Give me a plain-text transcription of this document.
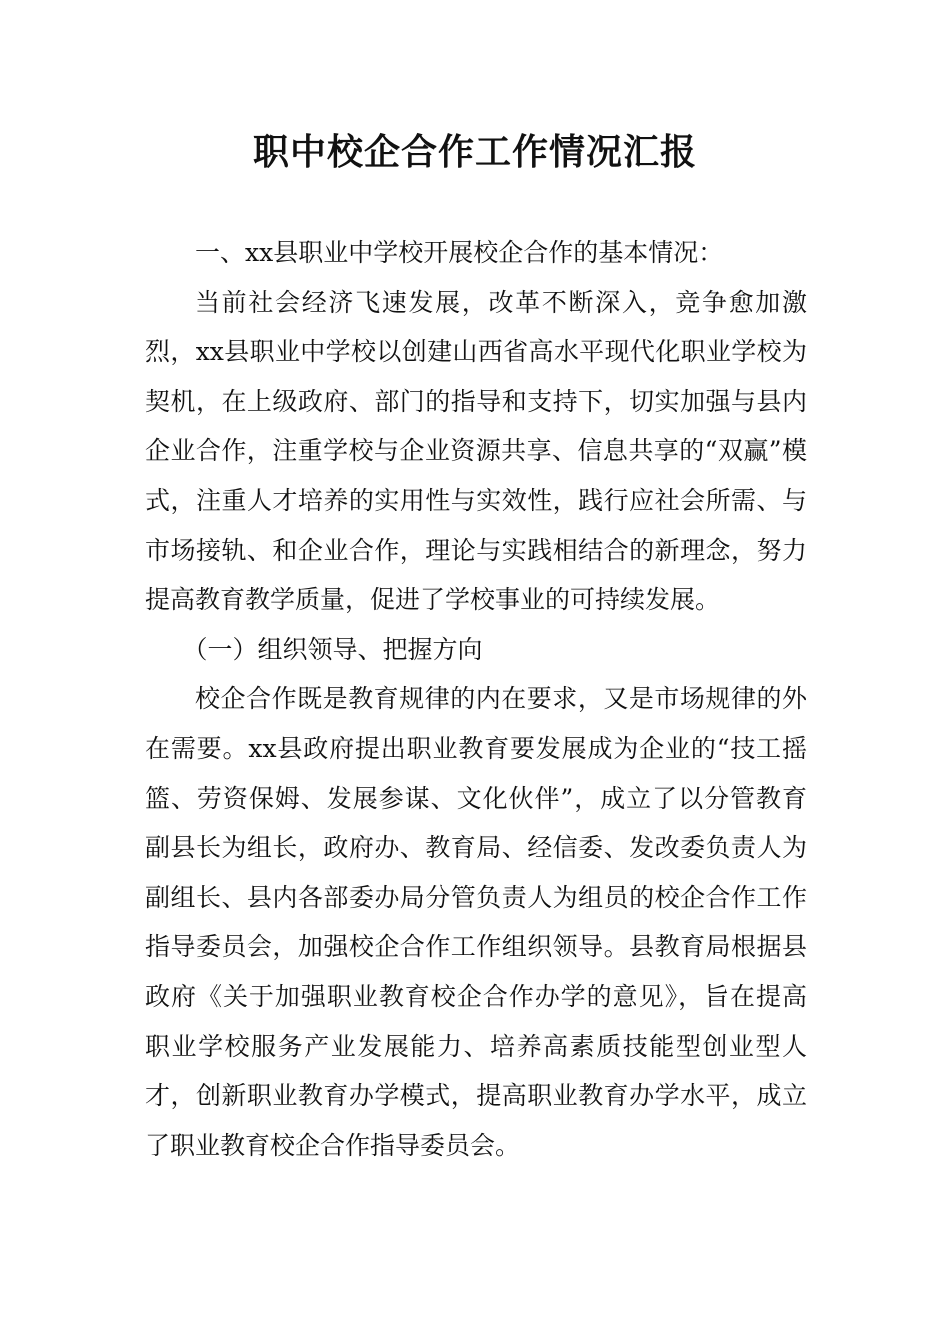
职中校企合作工作情况汇报

一、xx县职业中学校开展校企合作的基本情况：

当前社会经济飞速发展，改革不断深入，竞争愈加激烈，xx县职业中学校以创建山西省高水平现代化职业学校为契机，在上级政府、部门的指导和支持下，切实加强与县内企业合作，注重学校与企业资源共享、信息共享的“双赢”模式，注重人才培养的实用性与实效性，践行应社会所需、与市场接轨、和企业合作，理论与实践相结合的新理念，努力提高教育教学质量，促进了学校事业的可持续发展。

（一）组织领导、把握方向

校企合作既是教育规律的内在要求，又是市场规律的外在需要。xx县政府提出职业教育要发展成为企业的“技工摇篮、劳资保姆、发展参谋、文化伙伴”，成立了以分管教育副县长为组长，政府办、教育局、经信委、发改委负责人为副组长、县内各部委办局分管负责人为组员的校企合作工作指导委员会，加强校企合作工作组织领导。县教育局根据县政府《关于加强职业教育校企合作办学的意见》，旨在提高职业学校服务产业发展能力、培养高素质技能型创业型人才，创新职业教育办学模式，提高职业教育办学水平，成立了职业教育校企合作指导委员会。
